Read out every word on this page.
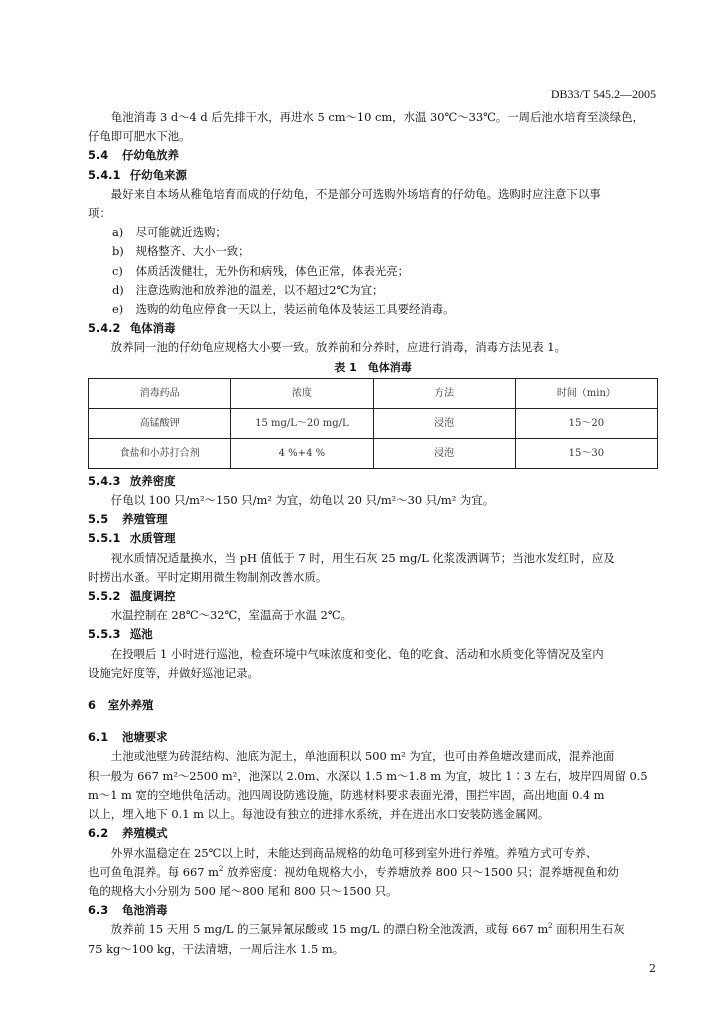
DB33/T 545.2—2005

龟池消毒 3 d～4 d 后先排干水，再进水 5 cm～10 cm，水温 30℃～33℃。一周后池水培育至淡绿色，

仔龟即可肥水下池。

5.4 仔幼龟放养

5.4.1 仔幼龟来源

最好来自本场从稚龟培育而成的仔幼龟，不是部分可选购外场培育的仔幼龟。选购时应注意下以事

项：

a) 尽可能就近选购；

b) 规格整齐、大小一致；

c) 体质活泼健壮，无外伤和病残，体色正常，体表光亮；

d) 注意选购池和放养池的温差，以不超过2℃为宜；

e) 选购的幼龟应停食一天以上，装运前龟体及装运工具要经消毒。

5.4.2 龟体消毒

放养同一池的仔幼龟应规格大小要一致。放养前和分养时，应进行消毒，消毒方法见表 1。

表 1　龟体消毒

消毒药品	浓度	方法	时间（min）
高锰酸钾	15 mg/L～20 mg/L	浸泡	15～20
食盐和小苏打合剂	4 %+4 %	浸泡	15～30

5.4.3 放养密度

仔龟以 100 只/m²～150 只/m² 为宜，幼龟以 20 只/m²～30 只/m² 为宜。

5.5 养殖管理

5.5.1 水质管理

视水质情况适量换水，当 pH 值低于 7 时，用生石灰 25 mg/L 化浆泼洒调节；当池水发红时，应及

时捞出水蚤。平时定期用微生物制剂改善水质。

5.5.2 温度调控

水温控制在 28℃～32℃，室温高于水温 2℃。

5.5.3 巡池

在投喂后 1 小时进行巡池，检查环境中气味浓度和变化、龟的吃食、活动和水质变化等情况及室内

设施完好度等，并做好巡池记录。

6 室外养殖

6.1 池塘要求

土池或池壁为砖混结构、池底为泥土，单池面积以 500 m² 为宜，也可由养鱼塘改建而成，混养池面

积一般为 667 m²～2500 m²，池深以 2.0m、水深以 1.5 m～1.8 m 为宜，坡比 1∶3 左右，坡岸四周留 0.5

m～1 m 宽的空地供龟活动。池四周设防逃设施，防逃材料要求表面光滑，围拦牢固，高出地面 0.4 m

以上，埋入地下 0.1 m 以上。每池设有独立的进排水系统，并在进出水口安装防逃金属网。

6.2 养殖模式

外界水温稳定在 25℃以上时，未能达到商品规格的幼龟可移到室外进行养殖。养殖方式可专养、

也可鱼龟混养。每 667 $m^2$ 放养密度：视幼龟规格大小，专养塘放养 800 只～1500 只；混养塘视鱼和幼

龟的规格大小分别为 500 尾～800 尾和 800 只～1500 只。

6.3 龟池消毒

放养前 15 天用 5 mg/L 的三氯异氰尿酸或 15 mg/L 的漂白粉全池泼洒，或每 667 $m^2$ 面积用生石灰

75 kg～100 kg，干法清塘，一周后注水 1.5 m。

2
